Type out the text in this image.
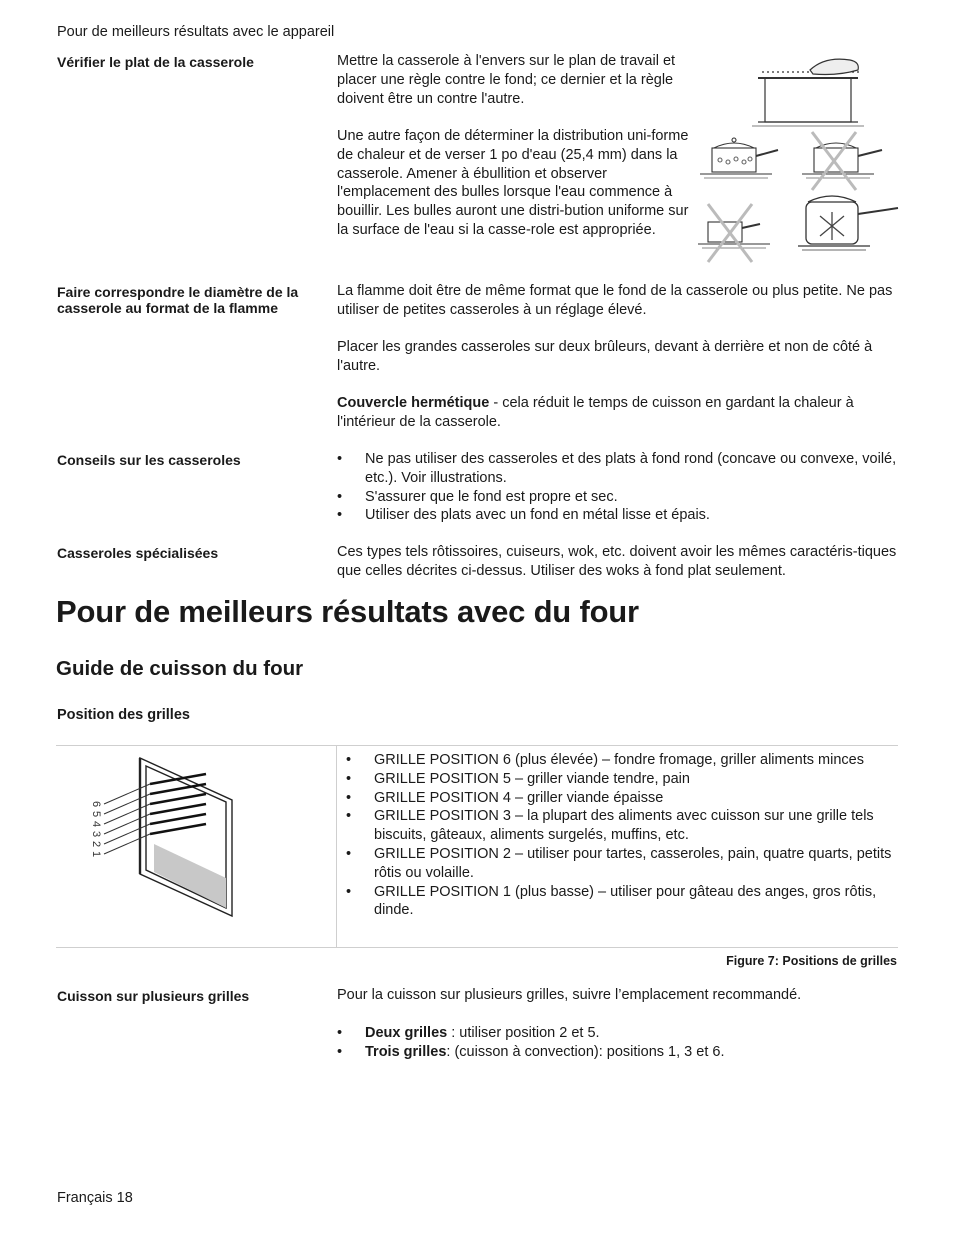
Pour de meilleurs résultats avec le appareil
Vérifier le plat de la casserole	Mettre la casserole à l'envers sur le plan de travail et placer une règle contre le fond; ce dernier et la règle doivent être un contre l'autre.

Une autre façon de déterminer la distribution uni-forme de chaleur et de verser 1 po d'eau (25,4 mm) dans la casserole. Amener à ébullition et observer l'emplacement des bulles lorsque l'eau commence à bouillir. Les bulles auront une distri-bution uniforme sur la surface de l'eau si la casse-role est appropriée.

Faire correspondre le diamètre de la casserole au format de la flamme

La flamme doit être de même format que le fond de la casserole ou plus petite. Ne pas utiliser de petites casseroles à un réglage élevé.

Placer les grandes casseroles sur deux brûleurs, devant à derrière et non de côté à l'autre.

Couvercle hermétique - cela réduit le temps de cuisson en gardant la chaleur à l'intérieur de la casserole.

Conseils sur les casseroles
•	Ne pas utiliser des casseroles et des plats à fond rond (concave ou convexe, voilé, etc.). Voir illustrations.
• S'assurer que le fond est propre et sec.
• Utiliser des plats avec un fond en métal lisse et épais.
Casseroles spécialisées	Ces types tels rôtissoires, cuiseurs, wok, etc. doivent avoir les mêmes caractéris-tiques que celles décrites ci-dessus. Utiliser des woks à fond plat seulement.

Pour de meilleurs résultats avec du four
Guide de cuisson du four
Position des grilles
6
5
4
3
2
1
• GRILLE POSITION 6 (plus élevée) – fondre fromage, griller aliments minces
• GRILLE POSITION 5 – griller viande tendre, pain
• GRILLE POSITION 4 – griller viande épaisse
• GRILLE POSITION 3 – la plupart des aliments avec cuisson sur une grille tels biscuits, gâteaux, aliments surgelés, muffins, etc.
• GRILLE POSITION 2 – utiliser pour tartes, casseroles, pain, quatre quarts, petits rôtis ou volaille.
• GRILLE POSITION 1 (plus basse) – utiliser pour gâteau des anges, gros rôtis, dinde.
Figure 7: Positions de grilles
Cuisson sur plusieurs grilles	Pour la cuisson sur plusieurs grilles, suivre l’emplacement recommandé.

• Deux grilles : utiliser position 2 et 5.
• Trois grilles: (cuisson à convection): positions 1, 3 et 6.
Français 18
